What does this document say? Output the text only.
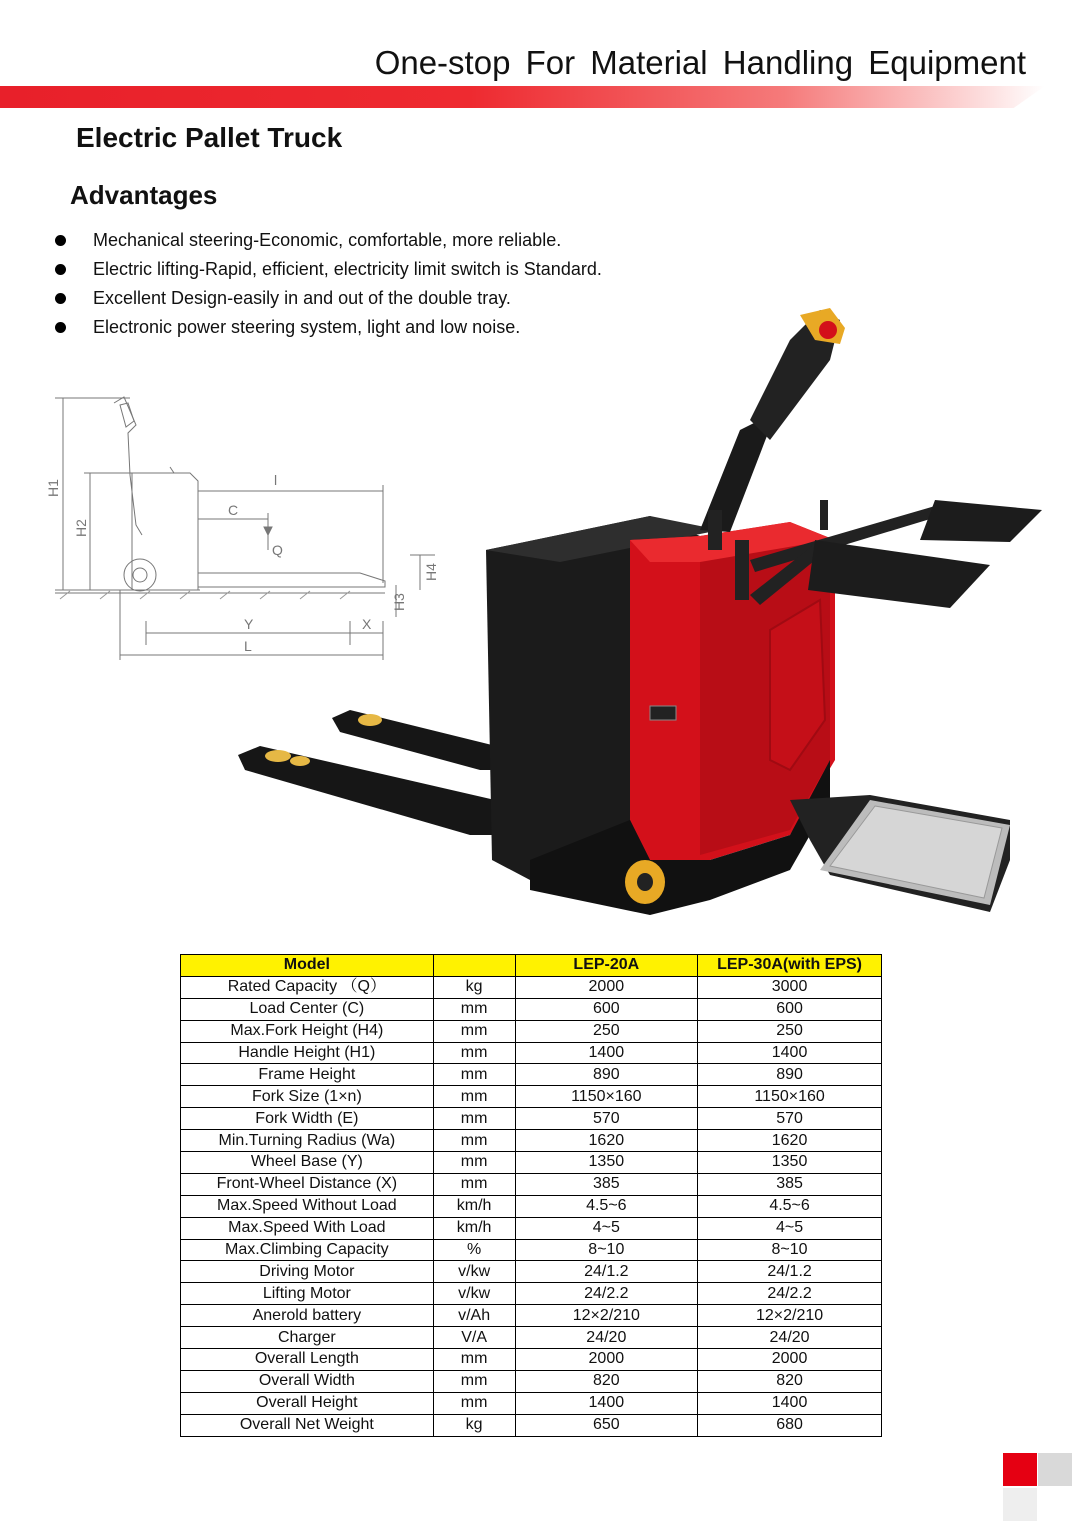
One-stop For Material Handling Equipment
Electric Pallet Truck
Advantages
Mechanical steering-Economic, comfortable, more reliable.
Electric lifting-Rapid, efficient, electricity limit switch is Standard.
Excellent Design-easily in and out of the double tray.
Electronic power steering system, light and low noise.
H1
H2
C
Q
l
H4
H3
Y	X
L
Model		LEP-20A	LEP-30A(with EPS)
Rated Capacity （Q）	kg	2000	3000
Load Center (C)	mm	600	600
Max.Fork Height (H4)	mm	250	250
Handle Height (H1)	mm	1400	1400
Frame Height	mm	890	890
Fork Size (1×n)	mm	1150×160	1150×160
Fork Width (E)	mm	570	570
Min.Turning Radius (Wa)	mm	1620	1620
Wheel Base (Y)	mm	1350	1350
Front-Wheel Distance (X)	mm	385	385
Max.Speed Without Load	km/h	4.5~6	4.5~6
Max.Speed With Load	km/h	4~5	4~5
Max.Climbing Capacity	%	8~10	8~10
Driving Motor	v/kw	24/1.2	24/1.2
Lifting Motor	v/kw	24/2.2	24/2.2
Anerold battery	v/Ah	12×2/210	12×2/210
Charger	V/A	24/20	24/20
Overall Length	mm	2000	2000
Overall Width	mm	820	820
Overall Height	mm	1400	1400
Overall Net Weight	kg	650	680
